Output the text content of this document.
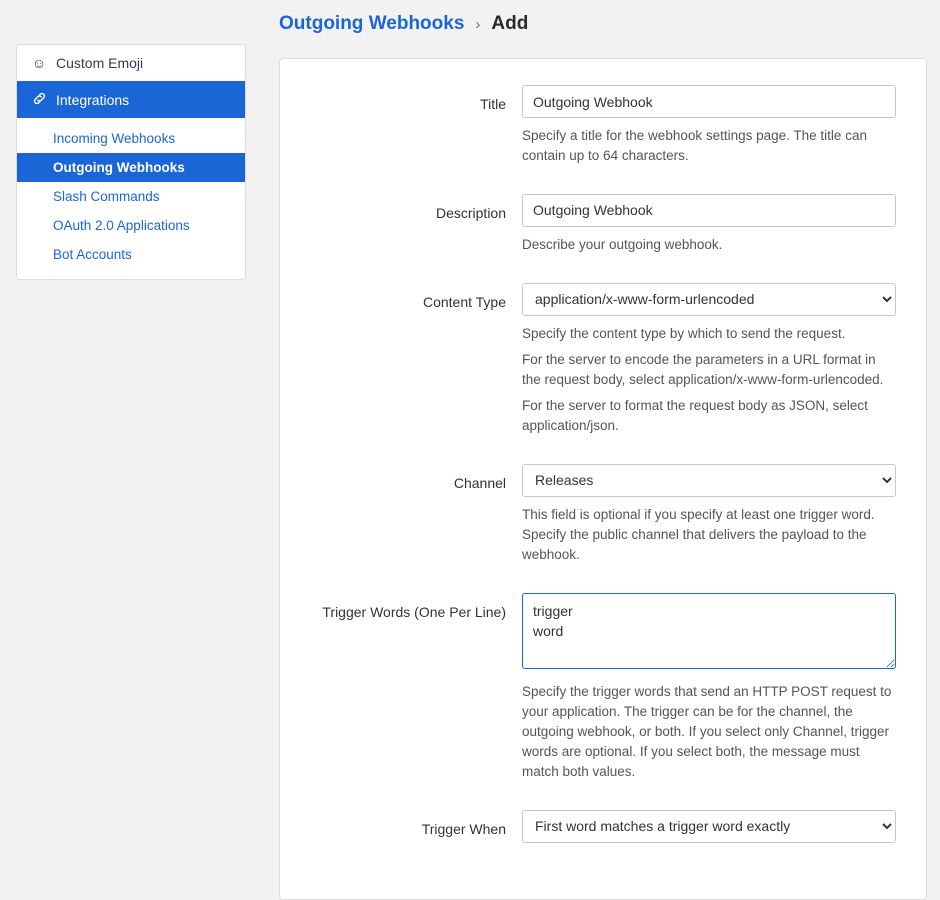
Outgoing Webhooks › Add
☺ Custom Emoji
Integrations
Incoming Webhooks
Outgoing Webhooks
Slash Commands
OAuth 2.0 Applications
Bot Accounts
Title
Outgoing Webhook
Specify a title for the webhook settings page. The title can contain up to 64 characters.
Description
Outgoing Webhook
Describe your outgoing webhook.
Content Type
application/x-www-form-urlencoded
Specify the content type by which to send the request.
For the server to encode the parameters in a URL format in the request body, select application/x-www-form-urlencoded.
For the server to format the request body as JSON, select application/json.
Channel
Releases
This field is optional if you specify at least one trigger word. Specify the public channel that delivers the payload to the webhook.
Trigger Words (One Per Line)
trigger word
Specify the trigger words that send an HTTP POST request to your application. The trigger can be for the channel, the outgoing webhook, or both. If you select only Channel, trigger words are optional. If you select both, the message must match both values.
Trigger When
First word matches a trigger word exactly
